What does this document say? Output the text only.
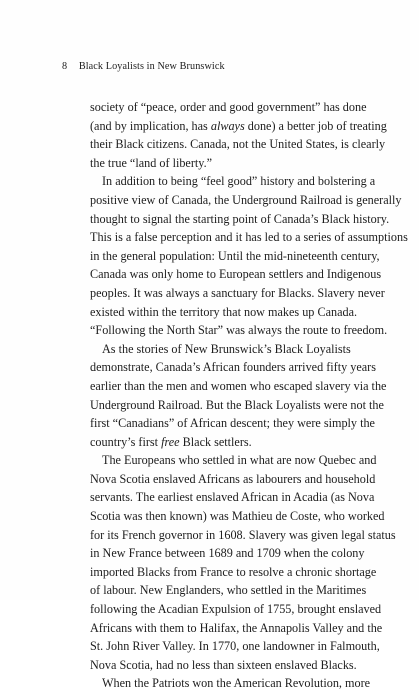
8 Black Loyalists in New Brunswick
society of “peace, order and good government” has done
(and by implication, has always done) a better job of treating
their Black citizens. Canada, not the United States, is clearly
the true “land of liberty.”
In addition to being “feel good” history and bolstering a
positive view of Canada, the Underground Railroad is generally
thought to signal the starting point of Canada’s Black history.
This is a false perception and it has led to a series of assumptions
in the general population: Until the mid-nineteenth century,
Canada was only home to European settlers and Indigenous
peoples. It was always a sanctuary for Blacks. Slavery never
existed within the territory that now makes up Canada.
“Following the North Star” was always the route to freedom.
As the stories of New Brunswick’s Black Loyalists
demonstrate, Canada’s African founders arrived fifty years
earlier than the men and women who escaped slavery via the
Underground Railroad. But the Black Loyalists were not the
first “Canadians” of African descent; they were simply the
country’s first free Black settlers.
The Europeans who settled in what are now Quebec and
Nova Scotia enslaved Africans as labourers and household
servants. The earliest enslaved African in Acadia (as Nova
Scotia was then known) was Mathieu de Coste, who worked
for its French governor in 1608. Slavery was given legal status
in New France between 1689 and 1709 when the colony
imported Blacks from France to resolve a chronic shortage
of labour. New Englanders, who settled in the Maritimes
following the Acadian Expulsion of 1755, brought enslaved
Africans with them to Halifax, the Annapolis Valley and the
St. John River Valley. In 1770, one landowner in Falmouth,
Nova Scotia, had no less than sixteen enslaved Blacks.
When the Patriots won the American Revolution, more
